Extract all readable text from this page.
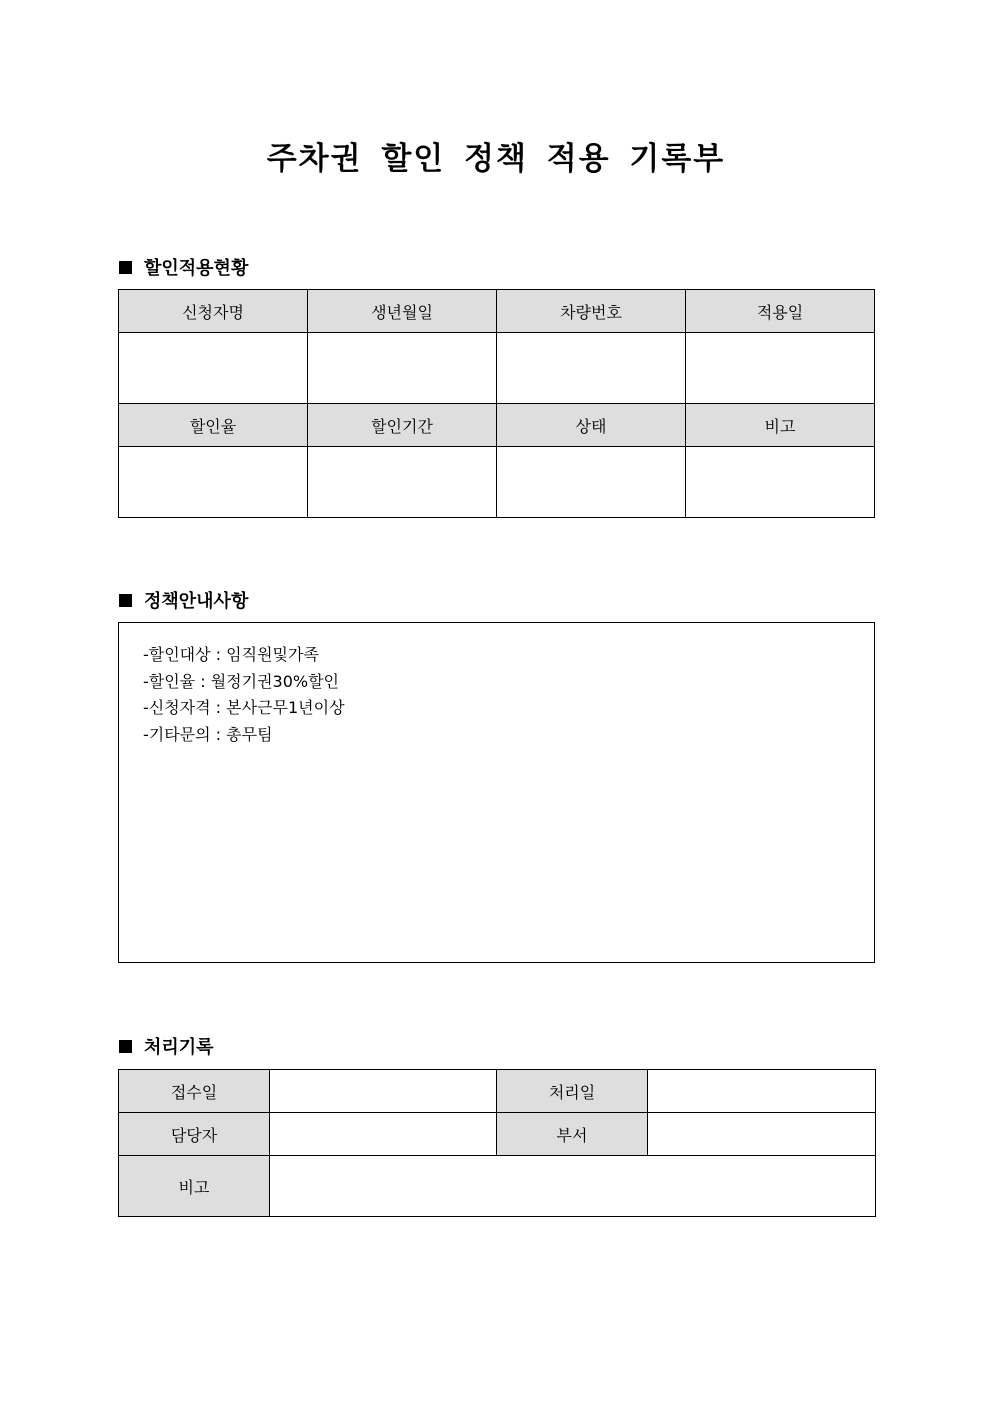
주차권 할인 정책 적용 기록부
할인적용현황
신청자명	생년월일	차량번호	적용일

할인율	할인기간	상태	비고

정책안내사항
-할인대상 : 임직원및가족
-할인율 : 월정기권30%할인
-신청자격 : 본사근무1년이상
-기타문의 : 총무팀
처리기록
접수일		처리일	
담당자		부서	
비고			
